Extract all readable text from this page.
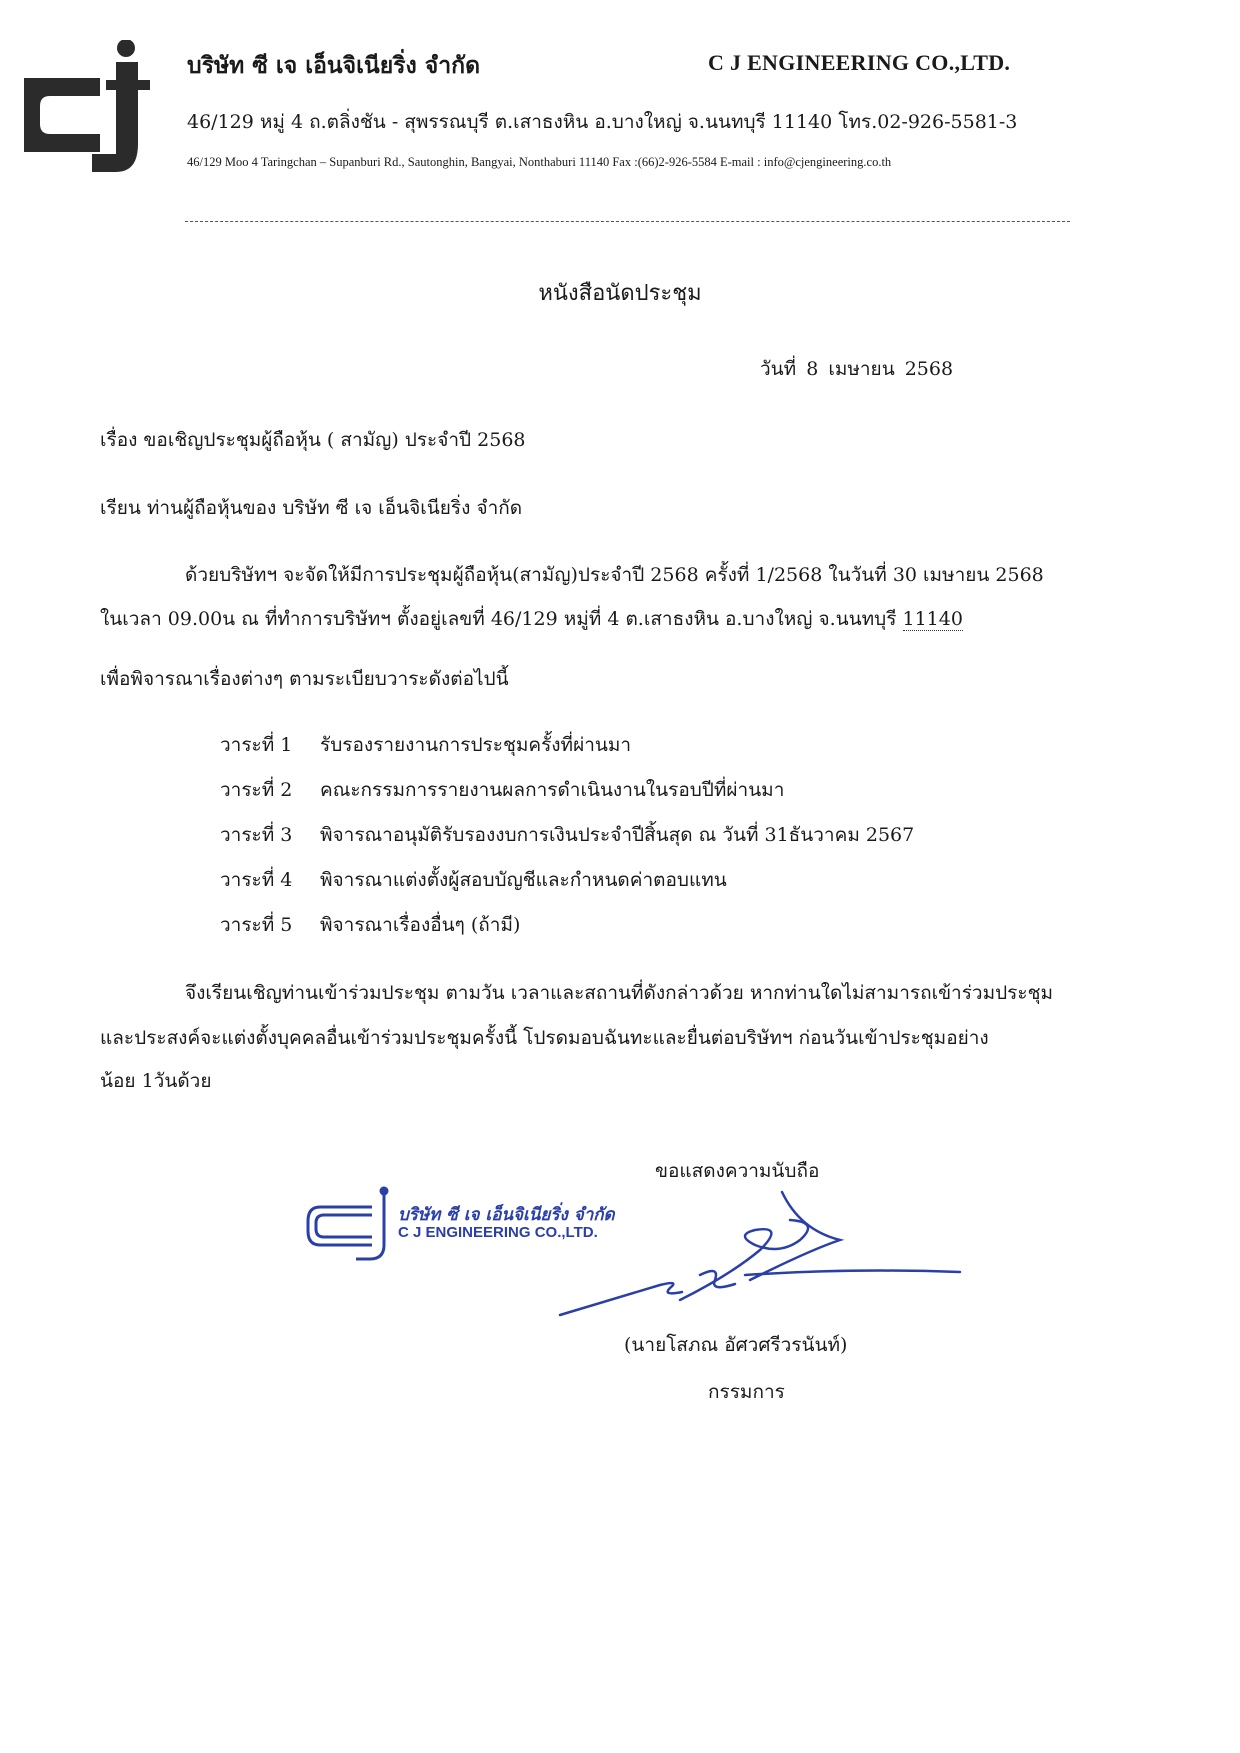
บริษัท ซี เจ เอ็นจิเนียริ่ง จำกัด	C J ENGINEERING CO.,LTD.
46/129 หมู่ 4 ถ.ตลิ่งชัน - สุพรรณบุรี ต.เสาธงหิน อ.บางใหญ่ จ.นนทบุรี 11140 โทร.02-926-5581-3
46/129 Moo 4 Taringchan – Supanburi Rd., Sautonghin, Bangyai, Nonthaburi 11140 Fax :(66)2-926-5584 E-mail : info@cjengineering.co.th
หนังสือนัดประชุม
วันที่ 8 เมษายน 2568
เรื่อง ขอเชิญประชุมผู้ถือหุ้น ( สามัญ) ประจำปี 2568
เรียน ท่านผู้ถือหุ้นของ บริษัท ซี เจ เอ็นจิเนียริ่ง จำกัด
ด้วยบริษัทฯ จะจัดให้มีการประชุมผู้ถือหุ้น(สามัญ)ประจำปี 2568 ครั้งที่ 1/2568 ในวันที่ 30 เมษายน 2568
ในเวลา 09.00น ณ ที่ทำการบริษัทฯ ตั้งอยู่เลขที่ 46/129 หมู่ที่ 4 ต.เสาธงหิน อ.บางใหญ่ จ.นนทบุรี 11140
เพื่อพิจารณาเรื่องต่างๆ ตามระเบียบวาระดังต่อไปนี้
วาระที่ 1 รับรองรายงานการประชุมครั้งที่ผ่านมา
วาระที่ 2 คณะกรรมการรายงานผลการดำเนินงานในรอบปีที่ผ่านมา
วาระที่ 3 พิจารณาอนุมัติรับรองงบการเงินประจำปีสิ้นสุด ณ วันที่ 31ธันวาคม 2567
วาระที่ 4 พิจารณาแต่งตั้งผู้สอบบัญชีและกำหนดค่าตอบแทน
วาระที่ 5 พิจารณาเรื่องอื่นๆ (ถ้ามี)
จึงเรียนเชิญท่านเข้าร่วมประชุม ตามวัน เวลาและสถานที่ดังกล่าวด้วย หากท่านใดไม่สามารถเข้าร่วมประชุม
และประสงค์จะแต่งตั้งบุคคลอื่นเข้าร่วมประชุมครั้งนี้ โปรดมอบฉันทะและยื่นต่อบริษัทฯ ก่อนวันเข้าประชุมอย่าง
น้อย 1วันด้วย
ขอแสดงความนับถือ
บริษัท ซี เจ เอ็นจิเนียริ่ง จำกัด
C J ENGINEERING CO.,LTD.
(นายโสภณ อัศวศรีวรนันท์)
กรรมการ
